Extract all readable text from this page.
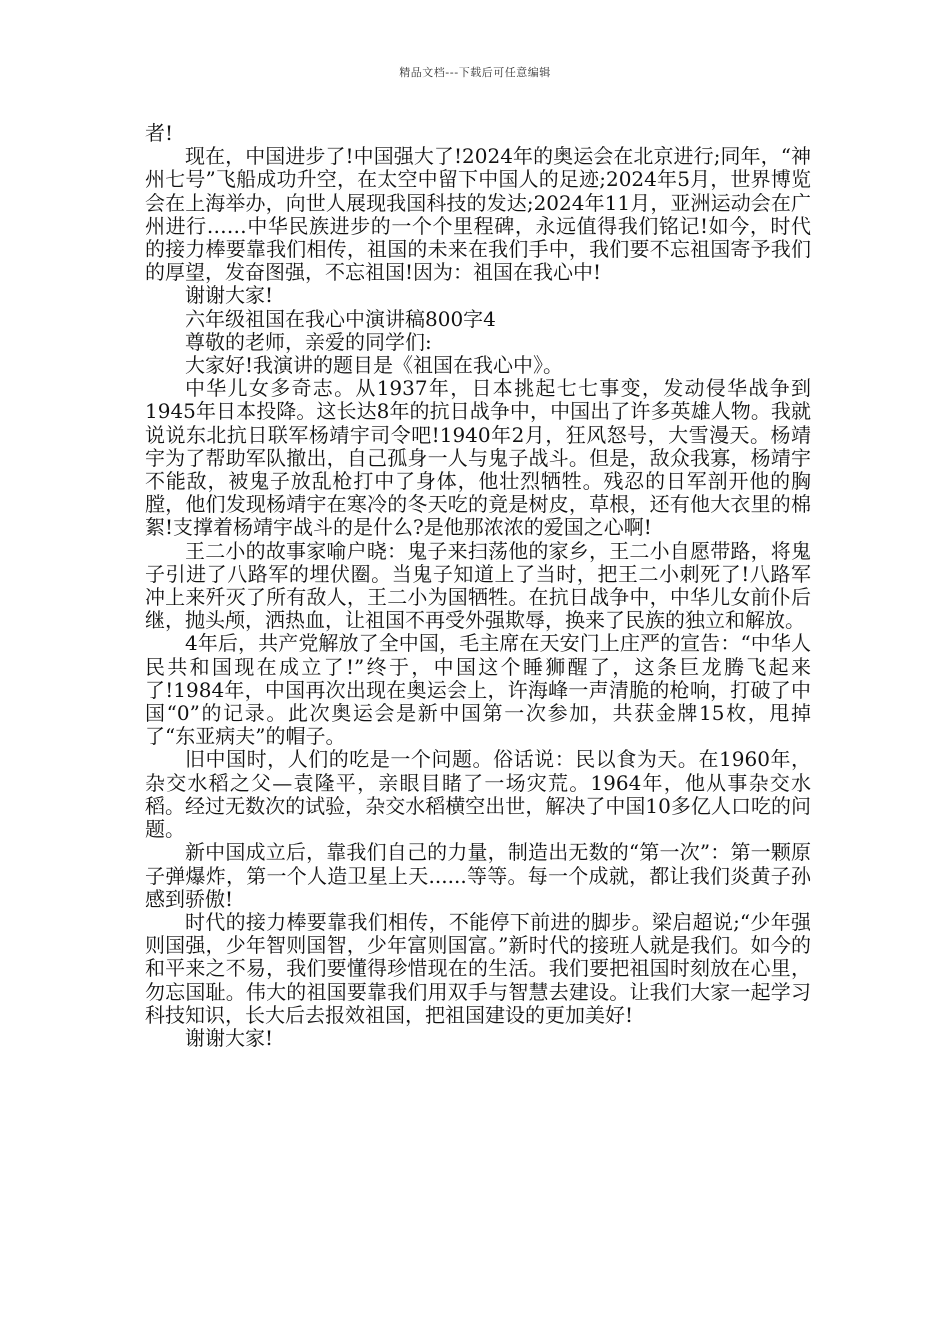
精品文档---下载后可任意编辑

者!

现在，中国进步了!中国强大了!2024年的奥运会在北京进行;同年，“神州七号”飞船成功升空，在太空中留下中国人的足迹;2024年5月，世界博览会在上海举办，向世人展现我国科技的发达;2024年11月，亚洲运动会在广州进行……中华民族进步的一个个里程碑，永远值得我们铭记!如今，时代的接力棒要靠我们相传，祖国的未来在我们手中，我们要不忘祖国寄予我们的厚望，发奋图强，不忘祖国!因为：祖国在我心中!

谢谢大家!

六年级祖国在我心中演讲稿800字4

尊敬的老师，亲爱的同学们:

大家好!我演讲的题目是《祖国在我心中》。

中华儿女多奇志。从1937年，日本挑起七七事变，发动侵华战争到1945年日本投降。这长达8年的抗日战争中，中国出了许多英雄人物。我就说说东北抗日联军杨靖宇司令吧!1940年2月，狂风怒号，大雪漫天。杨靖宇为了帮助军队撤出，自己孤身一人与鬼子战斗。但是，敌众我寡，杨靖宇不能敌，被鬼子放乱枪打中了身体，他壮烈牺牲。残忍的日军剖开他的胸膛，他们发现杨靖宇在寒冷的冬天吃的竟是树皮，草根，还有他大衣里的棉絮!支撑着杨靖宇战斗的是什么?是他那浓浓的爱国之心啊!

王二小的故事家喻户晓：鬼子来扫荡他的家乡，王二小自愿带路，将鬼子引进了八路军的埋伏圈。当鬼子知道上了当时，把王二小刺死了!八路军冲上来歼灭了所有敌人，王二小为国牺牲。在抗日战争中，中华儿女前仆后继，抛头颅，洒热血，让祖国不再受外强欺辱，换来了民族的独立和解放。

4年后，共产党解放了全中国，毛主席在天安门上庄严的宣告：“中华人民共和国现在成立了!”终于，中国这个睡狮醒了，这条巨龙腾飞起来了!1984年，中国再次出现在奥运会上，许海峰一声清脆的枪响，打破了中国“0”的记录。此次奥运会是新中国第一次参加，共获金牌15枚，甩掉了“东亚病夫”的帽子。

旧中国时，人们的吃是一个问题。俗话说：民以食为天。在1960年，杂交水稻之父—袁隆平，亲眼目睹了一场灾荒。1964年，他从事杂交水稻。经过无数次的试验，杂交水稻横空出世，解决了中国10多亿人口吃的问题。

新中国成立后，靠我们自己的力量，制造出无数的“第一次”：第一颗原子弹爆炸，第一个人造卫星上天......等等。每一个成就，都让我们炎黄子孙感到骄傲!

时代的接力棒要靠我们相传，不能停下前进的脚步。梁启超说;“少年强则国强，少年智则国智，少年富则国富。”新时代的接班人就是我们。如今的和平来之不易，我们要懂得珍惜现在的生活。我们要把祖国时刻放在心里，勿忘国耻。伟大的祖国要靠我们用双手与智慧去建设。让我们大家一起学习科技知识，长大后去报效祖国，把祖国建设的更加美好!

谢谢大家!
